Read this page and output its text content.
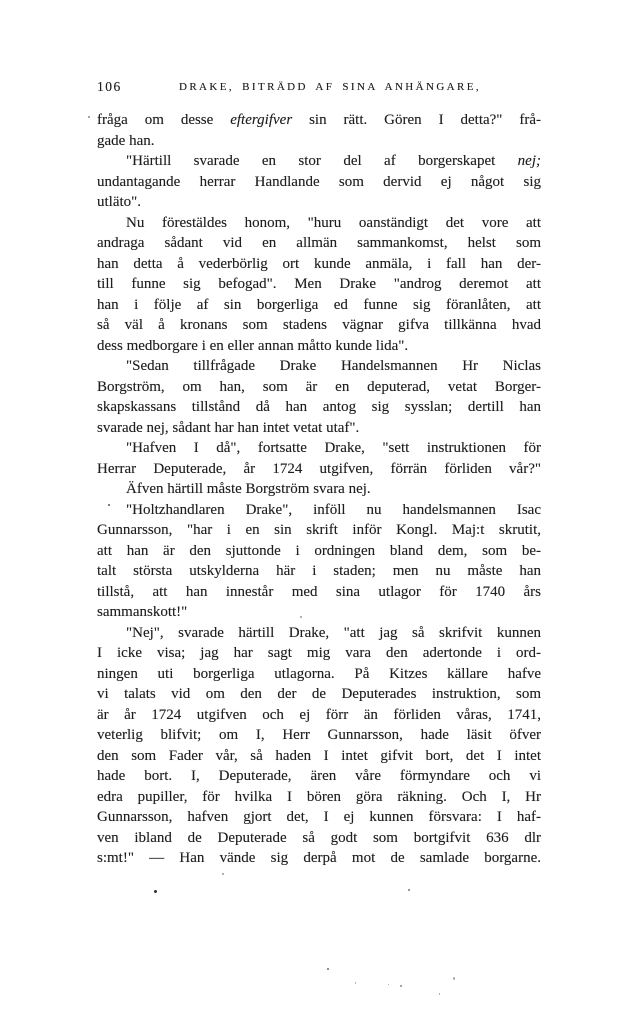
106	DRAKE, BITRÄDD AF SINA ANHÄNGARE,
fråga om desse eftergifver sin rätt. Gören I detta?" frå-
gade han.
"Härtill svarade en stor del af borgerskapet nej;
undantagande herrar Handlande som dervid ej något sig
utläto".
Nu förestäldes honom, "huru oanständigt det vore att
andraga sådant vid en allmän sammankomst, helst som
han detta å vederbörlig ort kunde anmäla, i fall han der-
till funne sig befogad". Men Drake "androg deremot att
han i följe af sin borgerliga ed funne sig föranlåten, att
så väl å kronans som stadens vägnar gifva tillkänna hvad
dess medborgare i en eller annan måtto kunde lida".
"Sedan tillfrågade Drake Handelsmannen Hr Niclas
Borgström, om han, som är en deputerad, vetat Borger-
skapskassans tillstånd då han antog sig sysslan; dertill han
svarade nej, sådant har han intet vetat utaf".
"Hafven I då", fortsatte Drake, "sett instruktionen för
Herrar Deputerade, år 1724 utgifven, förrän förliden vår?"
Äfven härtill måste Borgström svara nej.
"Holtzhandlaren Drake", inföll nu handelsmannen Isac
Gunnarsson, "har i en sin skrift inför Kongl. Maj:t skrutit,
att han är den sjuttonde i ordningen bland dem, som be-
talt största utskylderna här i staden; men nu måste han
tillstå, att han innestår med sina utlagor för 1740 års
sammanskott!"
"Nej", svarade härtill Drake, "att jag så skrifvit kunnen
I icke visa; jag har sagt mig vara den adertonde i ord-
ningen uti borgerliga utlagorna. På Kitzes källare hafve
vi talats vid om den der de Deputerades instruktion, som
är år 1724 utgifven och ej förr än förliden våras, 1741,
veterlig blifvit; om I, Herr Gunnarsson, hade läsit öfver
den som Fader vår, så haden I intet gifvit bort, det I intet
hade bort. I, Deputerade, ären våre förmyndare och vi
edra pupiller, för hvilka I bören göra räkning. Och I, Hr
Gunnarsson, hafven gjort det, I ej kunnen försvara: I haf-
ven ibland de Deputerade så godt som bortgifvit 636 dlr
s:mt!" — Han vände sig derpå mot de samlade borgarne.
